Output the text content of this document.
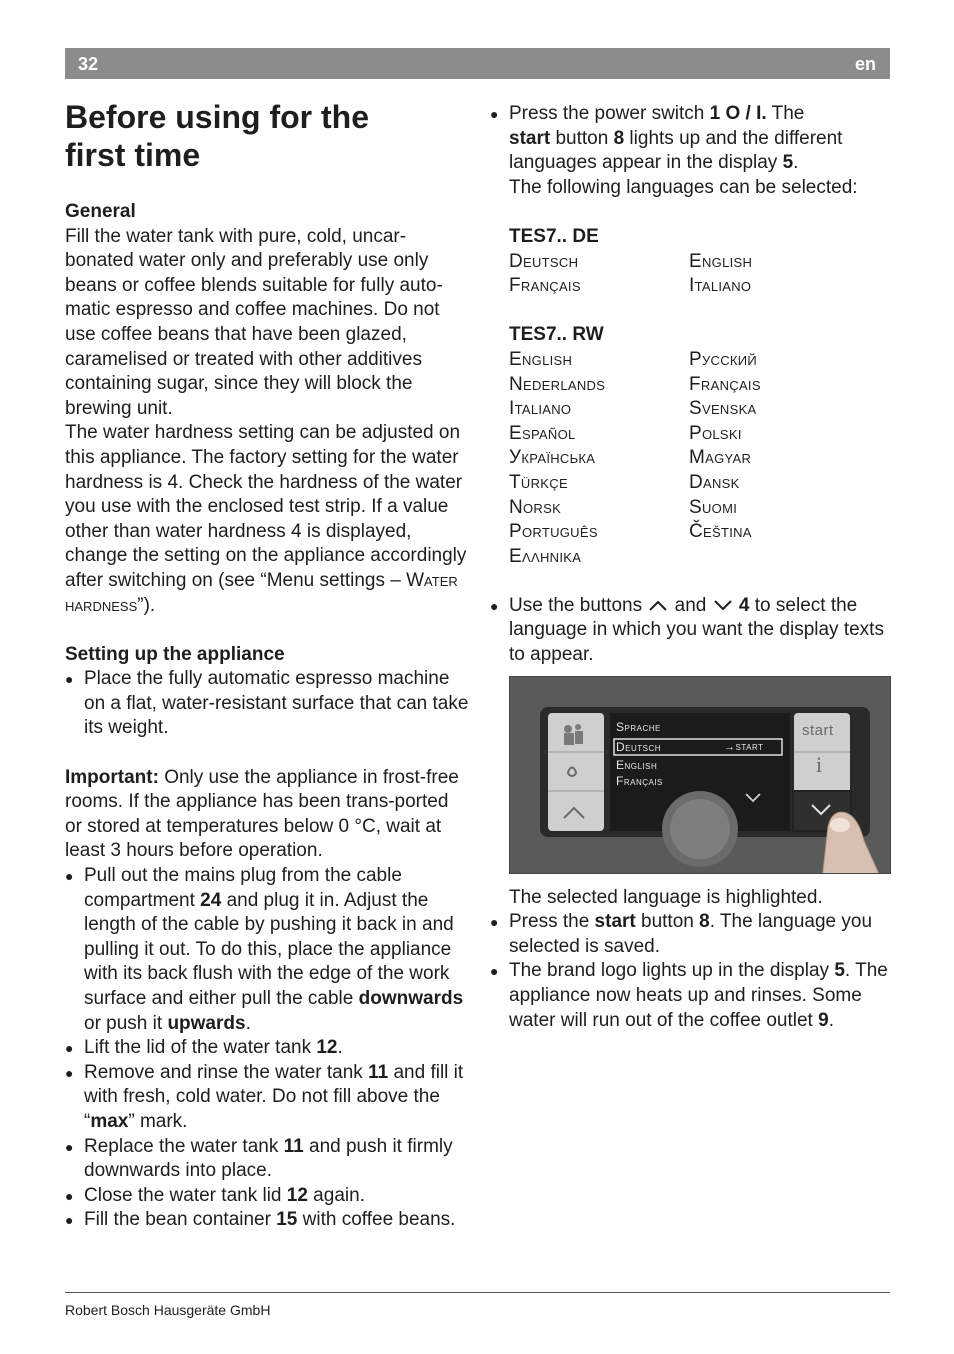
32	en
Before using for the
first time

General

Fill the water tank with pure, cold, uncar-bonated water only and preferably use only beans or coffee blends suitable for fully auto-matic espresso and coffee machines. Do not use coffee beans that have been glazed, caramelised or treated with other additives containing sugar, since they will block the brewing unit.

The water hardness setting can be adjusted on this appliance. The factory setting for the water hardness is 4. Check the hardness of the water you use with the enclosed test strip. If a value other than water hardness 4 is displayed, change the setting on the appliance accordingly after switching on (see “Menu settings – Water hardness”).

Setting up the appliance

● Place the fully automatic espresso machine on a flat, water-resistant surface that can take its weight.

Important: Only use the appliance in frost-free rooms. If the appliance has been trans-ported or stored at temperatures below 0 °C, wait at least 3 hours before operation.

● Pull out the mains plug from the cable compartment 24 and plug it in. Adjust the length of the cable by pushing it back in and pulling it out. To do this, place the appliance with its back flush with the edge of the work surface and either pull the cable downwards or push it upwards.
● Lift the lid of the water tank 12.
● Remove and rinse the water tank 11 and fill it with fresh, cold water. Do not fill above the “max” mark.
● Replace the water tank 11 and push it firmly downwards into place.
● Close the water tank lid 12 again.
● Fill the bean container 15 with coffee beans.
● Press the power switch 1 O / I. The
start button 8 lights up and the different languages appear in the display 5.
The following languages can be selected:

TES7.. DE

Deutsch	English
Français	Italiano

TES7.. RW

English	Русский
Nederlands	Français
Italiano	Svenska
Español	Polski
Українська	Magyar
Türkçe	Dansk
Norsk	Suomi
Português	Čeština
Ελληνικα
● Use the buttons  and  4 to select the language in which you want the display texts to appear.
Sprache
Deutsch	→start
English
Français
start
i

The selected language is highlighted.

● Press the start button 8. The language you selected is saved.
● The brand logo lights up in the display 5. The appliance now heats up and rinses. Some water will run out of the coffee outlet 9.
Robert Bosch Hausgeräte GmbH
